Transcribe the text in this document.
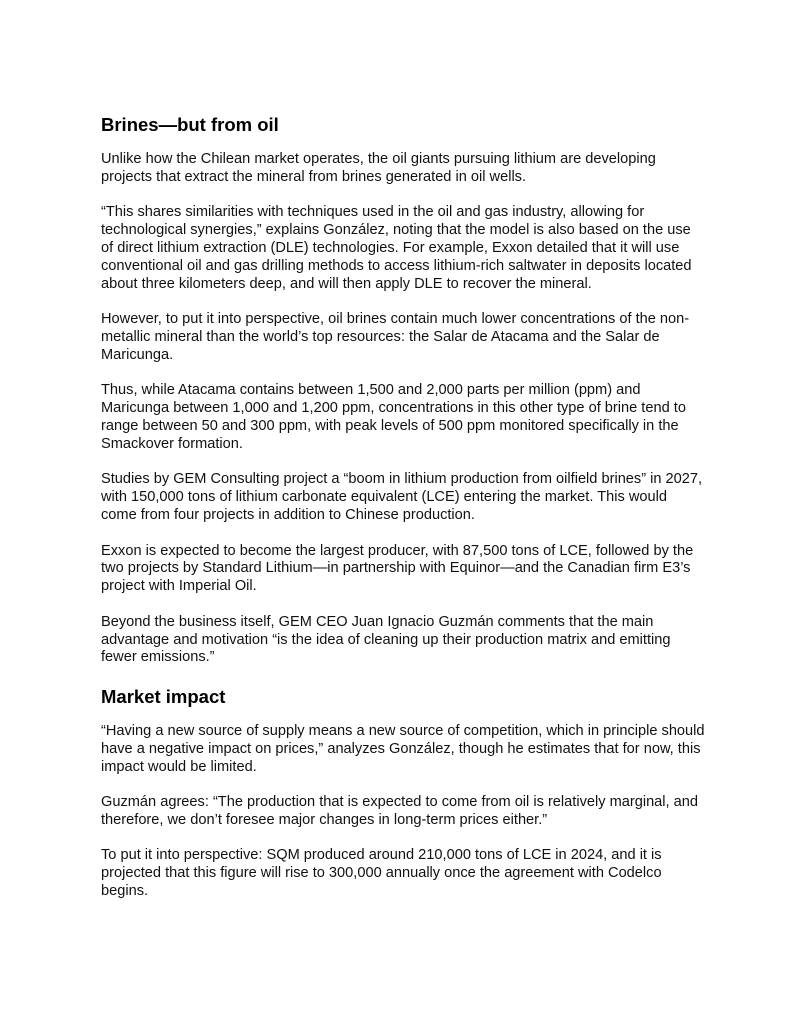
Brines—but from oil

Unlike how the Chilean market operates, the oil giants pursuing lithium are developing projects that extract the mineral from brines generated in oil wells.

“This shares similarities with techniques used in the oil and gas industry, allowing for technological synergies,” explains González, noting that the model is also based on the use of direct lithium extraction (DLE) technologies. For example, Exxon detailed that it will use conventional oil and gas drilling methods to access lithium-rich saltwater in deposits located about three kilometers deep, and will then apply DLE to recover the mineral.

However, to put it into perspective, oil brines contain much lower concentrations of the non-metallic mineral than the world’s top resources: the Salar de Atacama and the Salar de Maricunga.

Thus, while Atacama contains between 1,500 and 2,000 parts per million (ppm) and Maricunga between 1,000 and 1,200 ppm, concentrations in this other type of brine tend to range between 50 and 300 ppm, with peak levels of 500 ppm monitored specifically in the Smackover formation.

Studies by GEM Consulting project a “boom in lithium production from oilfield brines” in 2027, with 150,000 tons of lithium carbonate equivalent (LCE) entering the market. This would come from four projects in addition to Chinese production.

Exxon is expected to become the largest producer, with 87,500 tons of LCE, followed by the two projects by Standard Lithium—in partnership with Equinor—and the Canadian firm E3’s project with Imperial Oil.

Beyond the business itself, GEM CEO Juan Ignacio Guzmán comments that the main advantage and motivation “is the idea of cleaning up their production matrix and emitting fewer emissions.”

Market impact

“Having a new source of supply means a new source of competition, which in principle should have a negative impact on prices,” analyzes González, though he estimates that for now, this impact would be limited.

Guzmán agrees: “The production that is expected to come from oil is relatively marginal, and therefore, we don’t foresee major changes in long-term prices either.”

To put it into perspective: SQM produced around 210,000 tons of LCE in 2024, and it is projected that this figure will rise to 300,000 annually once the agreement with Codelco begins.
